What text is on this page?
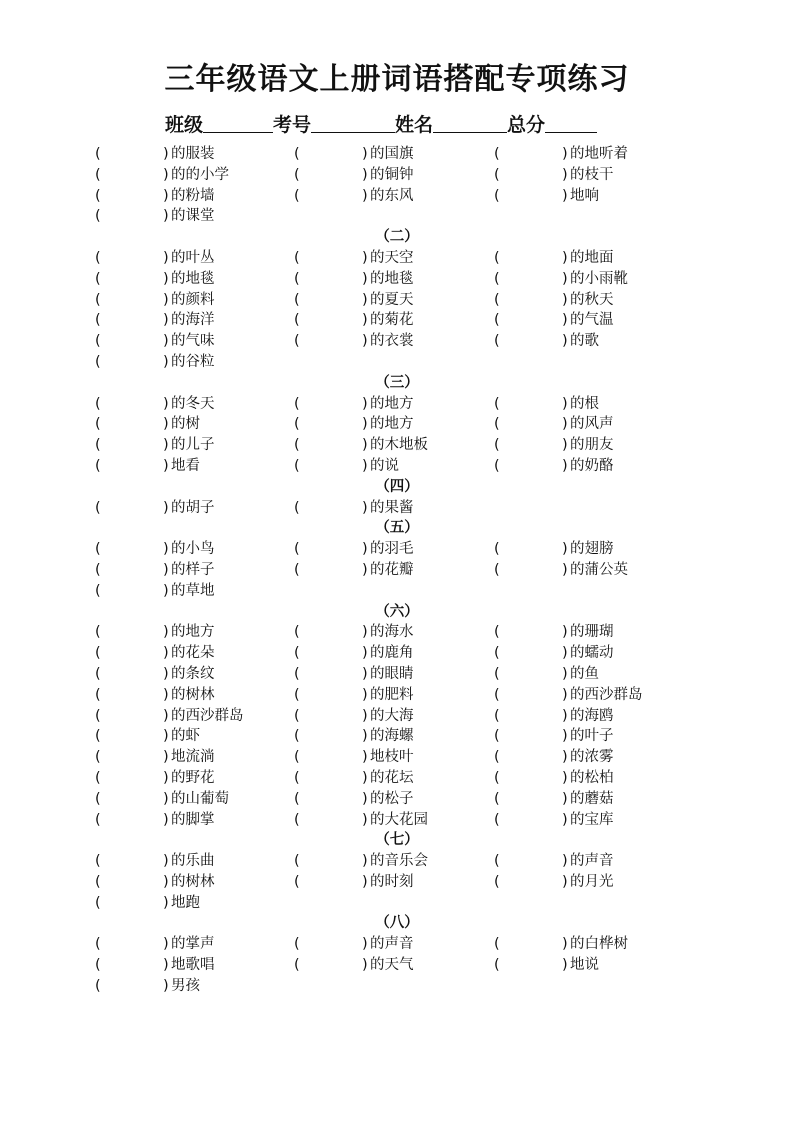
三年级语文上册词语搭配专项练习
班级	考号	姓名	总分
(	) 的服装	(	) 的国旗	(	) 的地听着
(	) 的的小学	(	) 的铜钟	(	) 的枝干
(	) 的粉墙	(	) 的东风	(	) 地响
(	) 的课堂
（二）
(	) 的叶丛	(	) 的天空	(	) 的地面
(	) 的地毯	(	) 的地毯	(	) 的小雨靴
(	) 的颜料	(	) 的夏天	(	) 的秋天
(	) 的海洋	(	) 的菊花	(	) 的气温
(	) 的气味	(	) 的衣裳	(	) 的歌
(	) 的谷粒
（三）
(	) 的冬天	(	) 的地方	(	) 的根
(	) 的树	(	) 的地方	(	) 的风声
(	) 的儿子	(	) 的木地板	(	) 的朋友
(	) 地看	(	) 的说	(	) 的奶酪
（四）
(	) 的胡子	(	) 的果酱
（五）
(	) 的小鸟	(	) 的羽毛	(	) 的翅膀
(	) 的样子	(	) 的花瓣	(	) 的蒲公英
(	) 的草地
（六）
(	) 的地方	(	) 的海水	(	) 的珊瑚
(	) 的花朵	(	) 的鹿角	(	) 的蠕动
(	) 的条纹	(	) 的眼睛	(	) 的鱼
(	) 的树林	(	) 的肥料	(	) 的西沙群岛
(	) 的西沙群岛	(	) 的大海	(	) 的海鸥
(	) 的虾	(	) 的海螺	(	) 的叶子
(	) 地流淌	(	) 地枝叶	(	) 的浓雾
(	) 的野花	(	) 的花坛	(	) 的松柏
(	) 的山葡萄	(	) 的松子	(	) 的蘑菇
(	) 的脚掌	(	) 的大花园	(	) 的宝库
（七）
(	) 的乐曲	(	) 的音乐会	(	) 的声音
(	) 的树林	(	) 的时刻	(	) 的月光
(	) 地跑
（八）
(	) 的掌声	(	) 的声音	(	) 的白桦树
(	) 地歌唱	(	) 的天气	(	) 地说
(	) 男孩
